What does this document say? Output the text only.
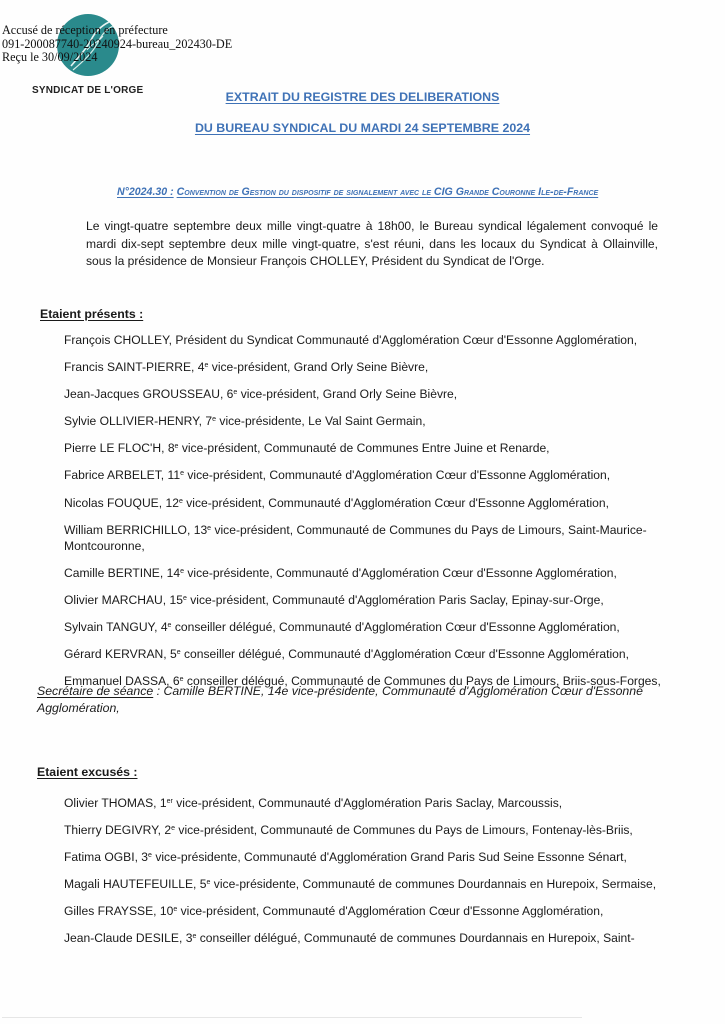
Accusé de réception en préfecture
091-200087740-20240924-bureau_202430-DE
Reçu le 30/09/2024
SYNDICAT DE L'ORGE	EXTRAIT DU REGISTRE DES DELIBERATIONS
DU BUREAU SYNDICAL DU MARDI 24 SEPTEMBRE 2024
N°2024.30 : Convention de Gestion du dispositif de signalement avec le CIG Grande Couronne Ile-de-France
Le vingt-quatre septembre deux mille vingt-quatre à 18h00, le Bureau syndical légalement convoqué le mardi dix-sept septembre deux mille vingt-quatre, s'est réuni, dans les locaux du Syndicat à Ollainville, sous la présidence de Monsieur François CHOLLEY, Président du Syndicat de l'Orge.
Etaient présents :
François CHOLLEY, Président du Syndicat Communauté d'Agglomération Cœur d'Essonne Agglomération,
Francis SAINT-PIERRE, 4e vice-président, Grand Orly Seine Bièvre,
Jean-Jacques GROUSSEAU, 6e vice-président, Grand Orly Seine Bièvre,
Sylvie OLLIVIER-HENRY, 7e vice-présidente, Le Val Saint Germain,
Pierre LE FLOC'H, 8e vice-président, Communauté de Communes Entre Juine et Renarde,
Fabrice ARBELET, 11e vice-président, Communauté d'Agglomération Cœur d'Essonne Agglomération,
Nicolas FOUQUE, 12e vice-président, Communauté d'Agglomération Cœur d'Essonne Agglomération,
William BERRICHILLO, 13e vice-président, Communauté de Communes du Pays de Limours, Saint-Maurice-Montcouronne,
Camille BERTINE, 14e vice-présidente, Communauté d'Agglomération Cœur d'Essonne Agglomération,
Olivier MARCHAU, 15e vice-président, Communauté d'Agglomération Paris Saclay, Epinay-sur-Orge,
Sylvain TANGUY, 4e conseiller délégué, Communauté d'Agglomération Cœur d'Essonne Agglomération,
Gérard KERVRAN, 5e conseiller délégué, Communauté d'Agglomération Cœur d'Essonne Agglomération,
Emmanuel DASSA, 6e conseiller délégué, Communauté de Communes du Pays de Limours, Briis-sous-Forges,
Secrétaire de séance : Camille BERTINE, 14e vice-présidente, Communauté d'Agglomération Cœur d'Essonne Agglomération,
Etaient excusés :
Olivier THOMAS, 1er vice-président, Communauté d'Agglomération Paris Saclay, Marcoussis,
Thierry DEGIVRY, 2e vice-président, Communauté de Communes du Pays de Limours, Fontenay-lès-Briis,
Fatima OGBI, 3e vice-présidente, Communauté d'Agglomération Grand Paris Sud Seine Essonne Sénart,
Magali HAUTEFEUILLE, 5e vice-présidente, Communauté de communes Dourdannais en Hurepoix, Sermaise,
Gilles FRAYSSE, 10e vice-président, Communauté d'Agglomération Cœur d'Essonne Agglomération,
Jean-Claude DESILE, 3e conseiller délégué, Communauté de communes Dourdannais en Hurepoix, Saint-
